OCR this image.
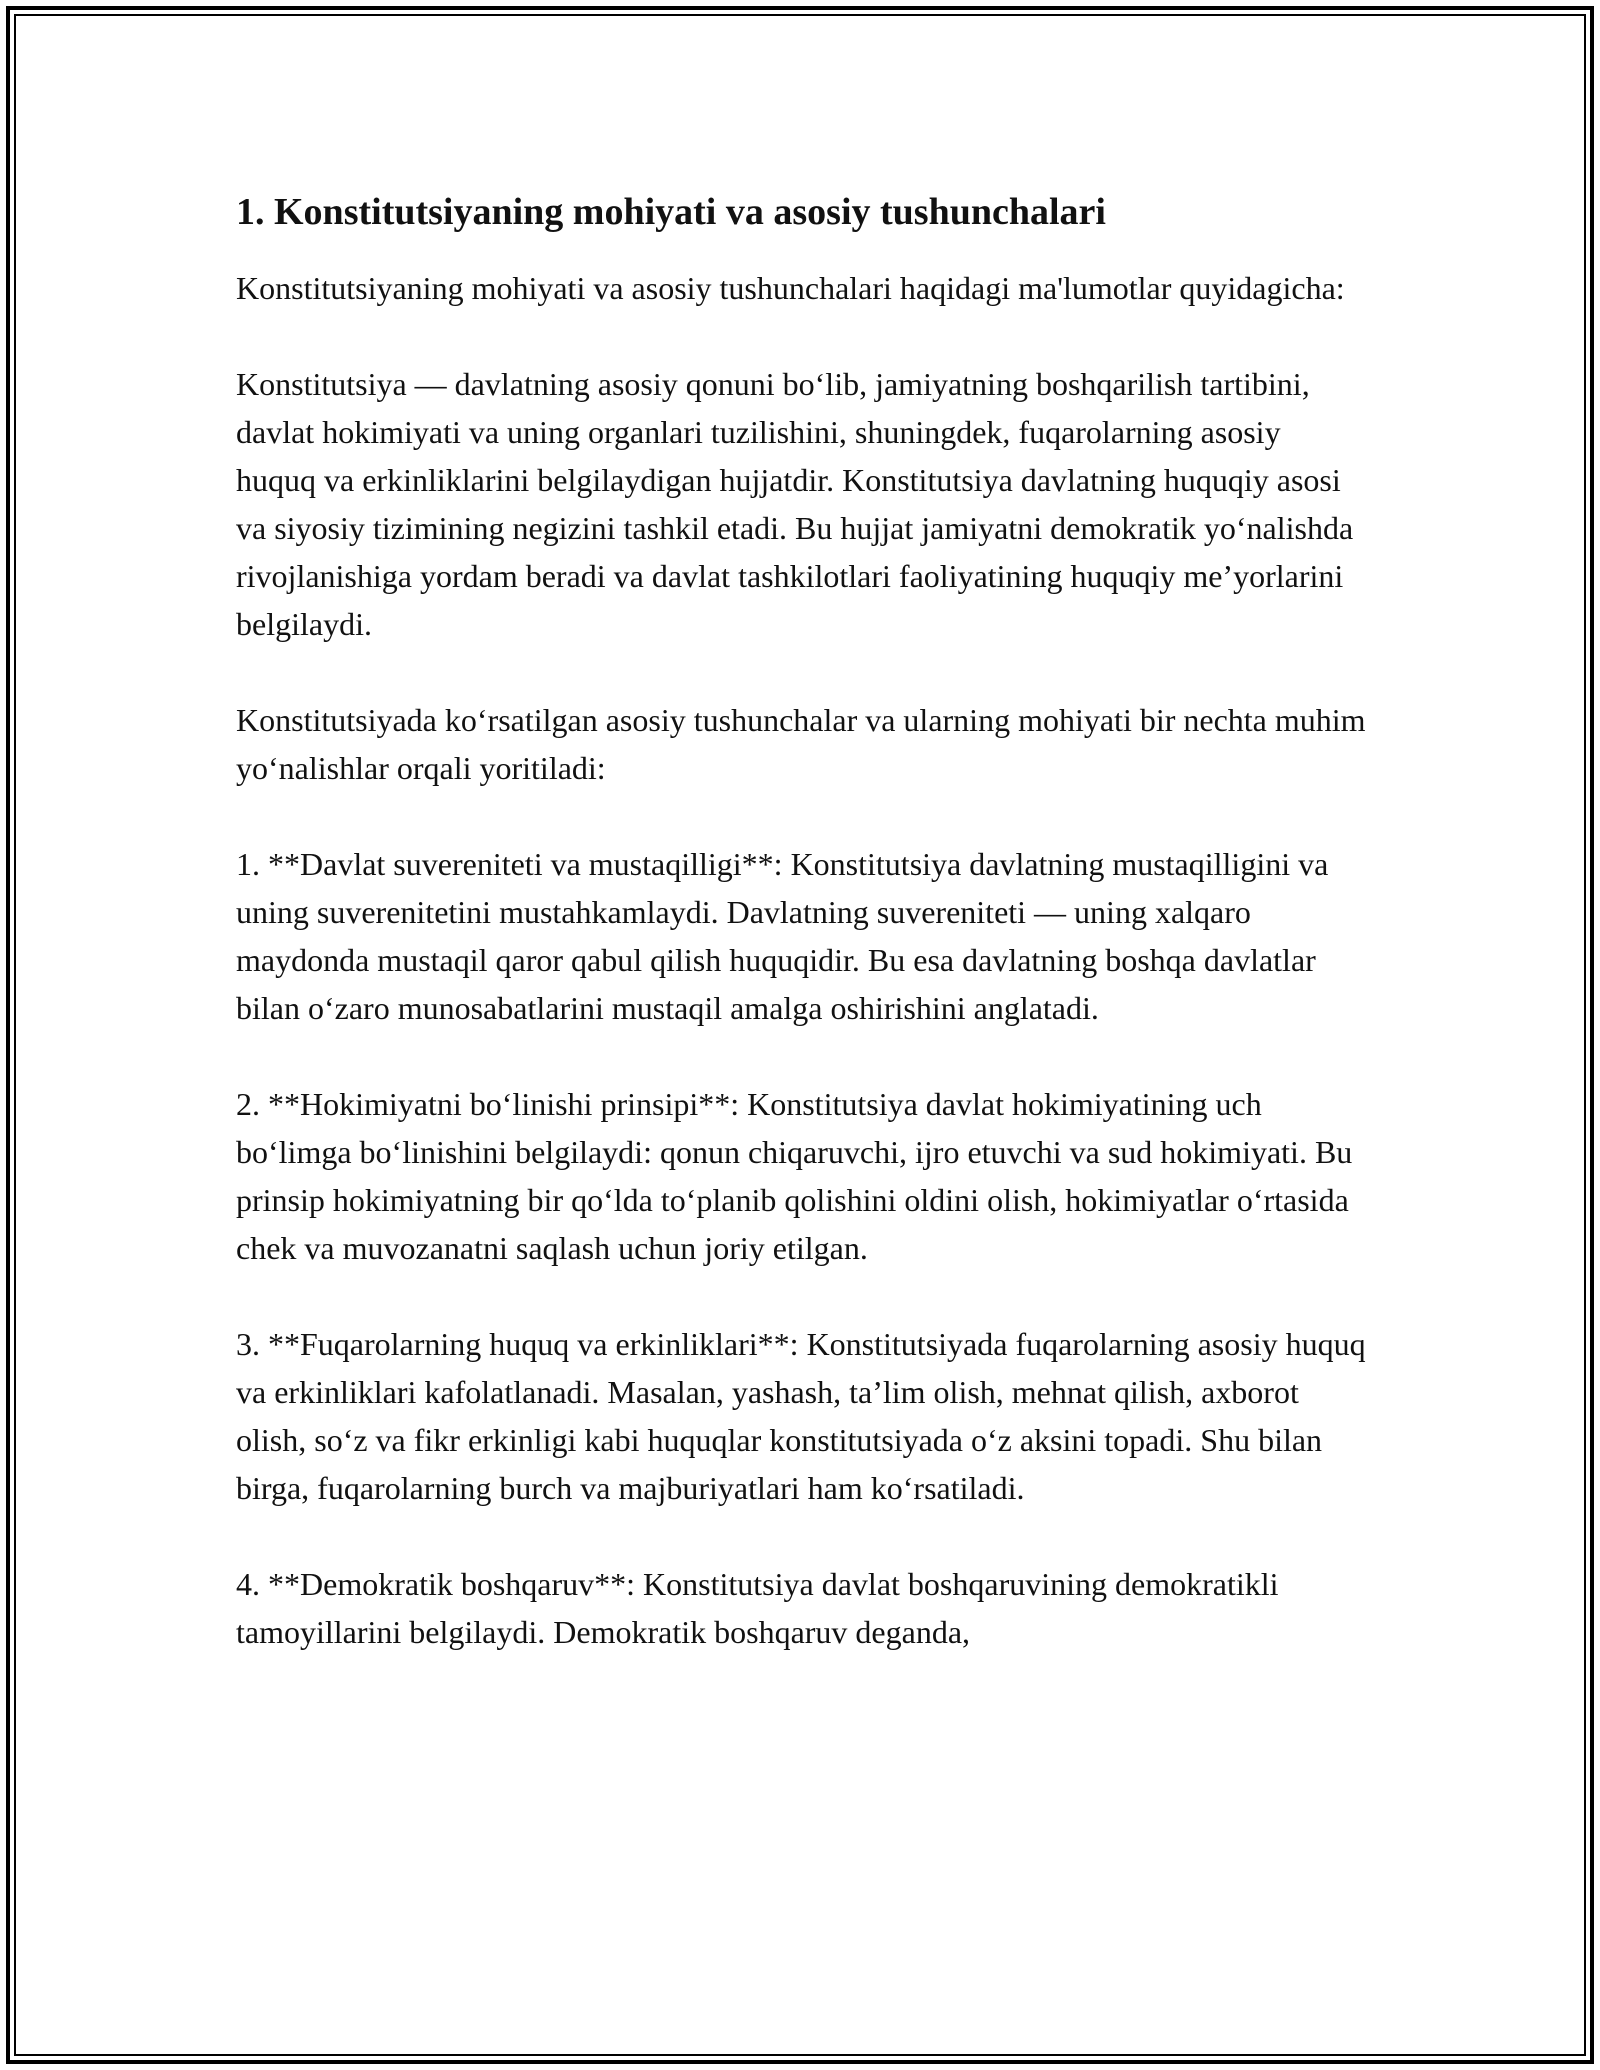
1. Konstitutsiyaning mohiyati va asosiy tushunchalari

Konstitutsiyaning mohiyati va asosiy tushunchalari haqidagi ma'lumotlar quyidagicha:

Konstitutsiya — davlatning asosiy qonuni bo‘lib, jamiyatning boshqarilish tartibini, davlat hokimiyati va uning organlari tuzilishini, shuningdek, fuqarolarning asosiy huquq va erkinliklarini belgilaydigan hujjatdir. Konstitutsiya davlatning huquqiy asosi va siyosiy tizimining negizini tashkil etadi. Bu hujjat jamiyatni demokratik yo‘nalishda rivojlanishiga yordam beradi va davlat tashkilotlari faoliyatining huquqiy me’yorlarini belgilaydi.

Konstitutsiyada ko‘rsatilgan asosiy tushunchalar va ularning mohiyati bir nechta muhim yo‘nalishlar orqali yoritiladi:

1. **Davlat suvereniteti va mustaqilligi**: Konstitutsiya davlatning mustaqilligini va uning suverenitetini mustahkamlaydi. Davlatning suvereniteti — uning xalqaro maydonda mustaqil qaror qabul qilish huquqidir. Bu esa davlatning boshqa davlatlar bilan o‘zaro munosabatlarini mustaqil amalga oshirishini anglatadi.

2. **Hokimiyatni bo‘linishi prinsipi**: Konstitutsiya davlat hokimiyatining uch bo‘limga bo‘linishini belgilaydi: qonun chiqaruvchi, ijro etuvchi va sud hokimiyati. Bu prinsip hokimiyatning bir qo‘lda to‘planib qolishini oldini olish, hokimiyatlar o‘rtasida chek va muvozanatni saqlash uchun joriy etilgan.

3. **Fuqarolarning huquq va erkinliklari**: Konstitutsiyada fuqarolarning asosiy huquq va erkinliklari kafolatlanadi. Masalan, yashash, ta’lim olish, mehnat qilish, axborot olish, so‘z va fikr erkinligi kabi huquqlar konstitutsiyada o‘z aksini topadi. Shu bilan birga, fuqarolarning burch va majburiyatlari ham ko‘rsatiladi.

4. **Demokratik boshqaruv**: Konstitutsiya davlat boshqaruvining demokratikli tamoyillarini belgilaydi. Demokratik boshqaruv deganda,
